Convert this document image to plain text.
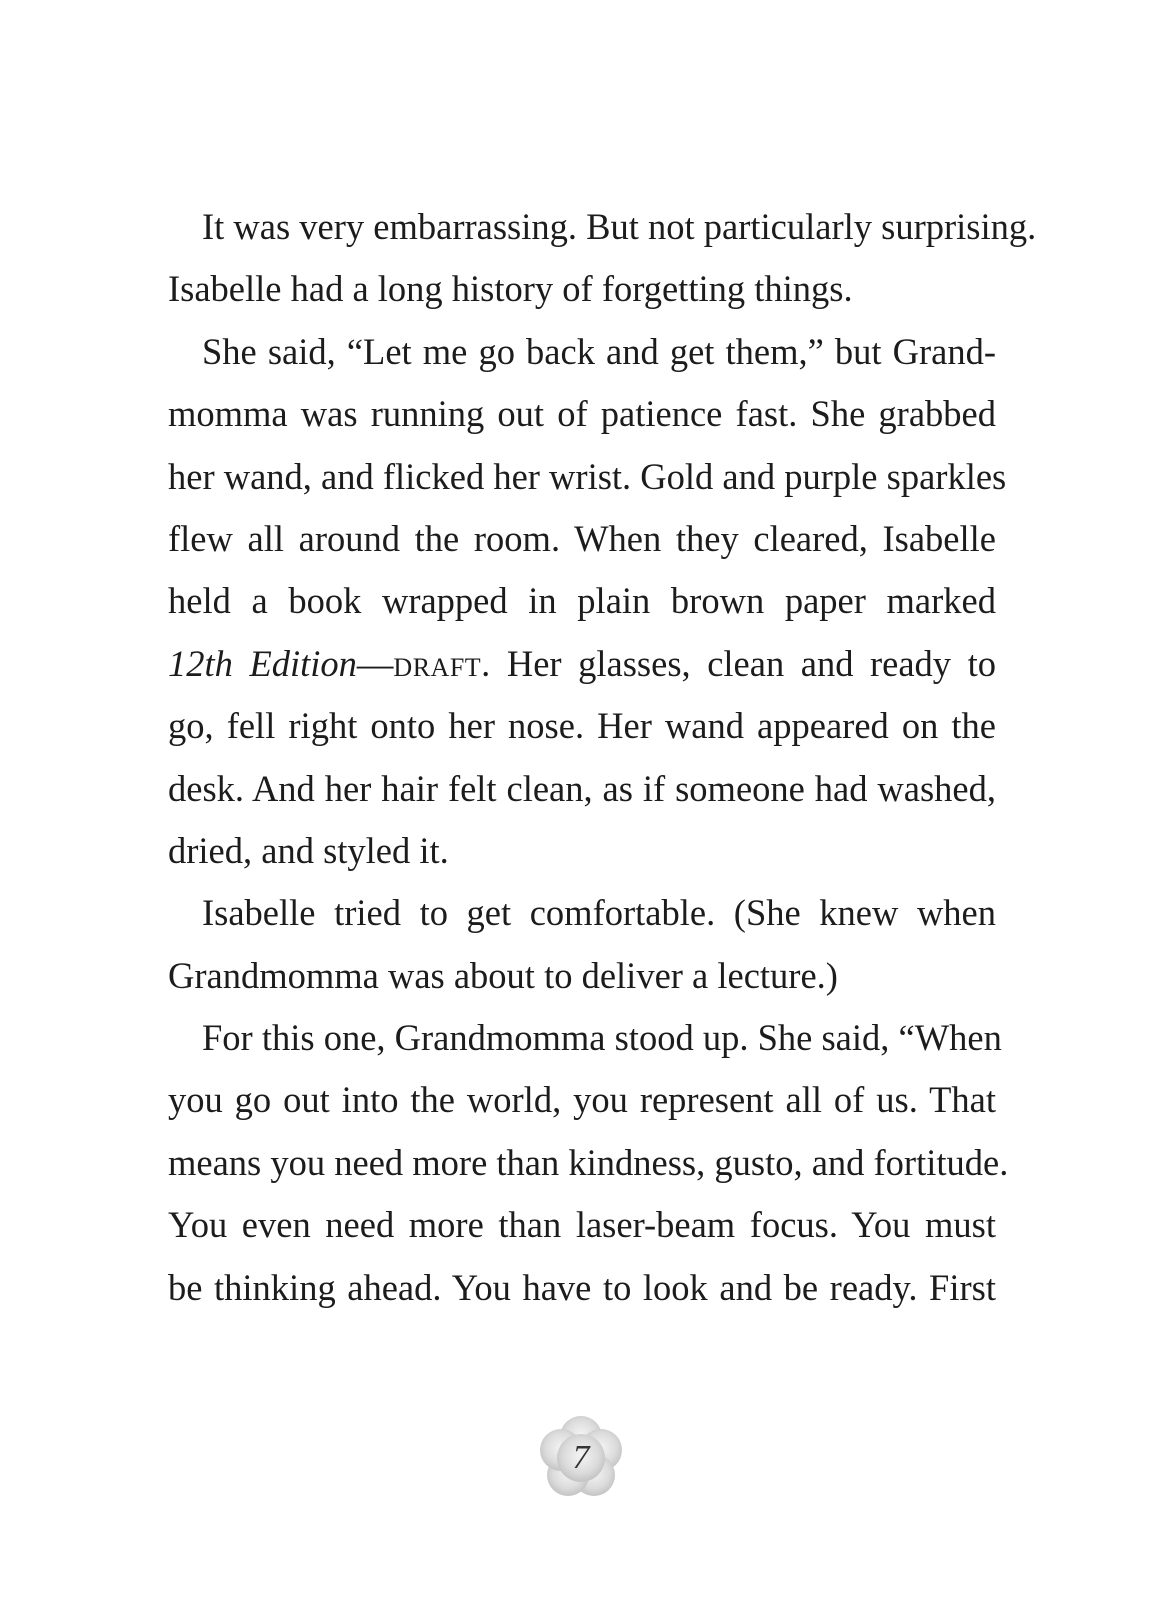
It was very embarrassing. But not particularly surprising.
Isabelle had a long history of forgetting things.
She said, “Let me go back and get them,” but Grand-
momma was running out of patience fast. She grabbed
her wand, and flicked her wrist. Gold and purple sparkles
flew all around the room. When they cleared, Isabelle
held a book wrapped in plain brown paper marked
12th Edition—draft. Her glasses, clean and ready to
go, fell right onto her nose. Her wand appeared on the
desk. And her hair felt clean, as if someone had washed,
dried, and styled it.
Isabelle tried to get comfortable. (She knew when
Grandmomma was about to deliver a lecture.)
For this one, Grandmomma stood up. She said, “When
you go out into the world, you represent all of us. That
means you need more than kindness, gusto, and fortitude.
You even need more than laser-beam focus. You must
be thinking ahead. You have to look and be ready. First
7
